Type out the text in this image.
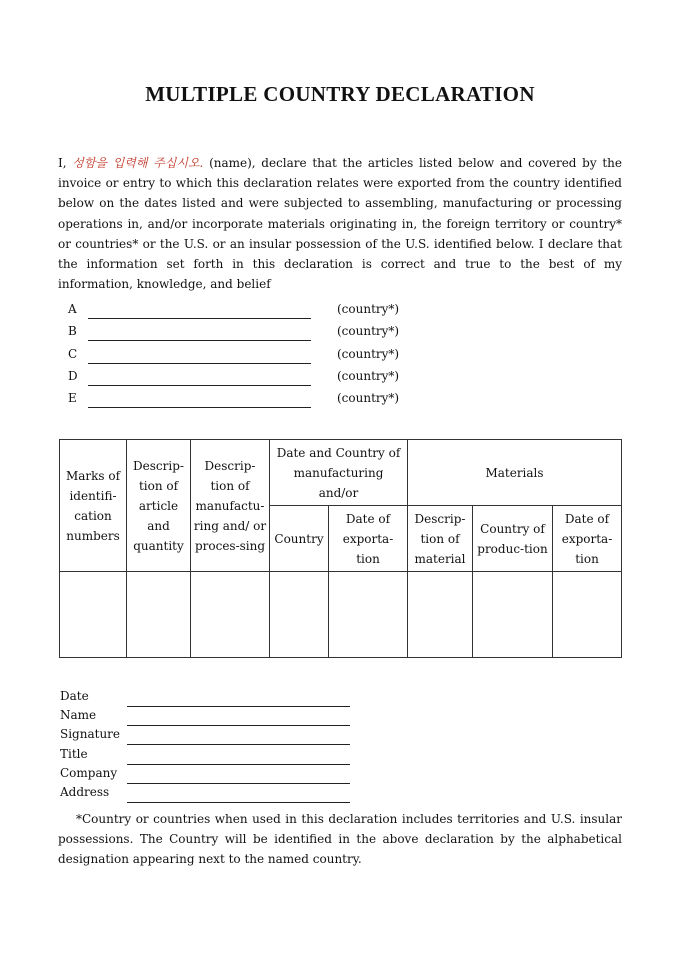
MULTIPLE COUNTRY DECLARATION
I, 성함을 입력해 주십시오. (name), declare that the articles listed below and covered by the invoice or entry to which this declaration relates were exported from the country identified below on the dates listed and were subjected to assembling, manufacturing or processing operations in, and/or incorporate materials originating in, the foreign territory or country* or countries* or the U.S. or an insular possession of the U.S. identified below. I declare that the information set forth in this declaration is correct and true to the best of my information, knowledge, and belief
A	(country*)
B	(country*)
C	(country*)
D	(country*)
E	(country*)
Marks of identifi-cation numbers	Descrip-tion of article and quantity	Descrip-tion of manufactu-ring and/ or proces-sing	Date and Country of manufacturing and/or		Materials		
			Country	Date of exporta-tion	Descrip-tion of material	Country of produc-tion	Date of exporta-tion

Date
Name
Signature
Title
Company
Address
*Country or countries when used in this declaration includes territories and U.S. insular possessions. The Country will be identified in the above declaration by the alphabetical designation appearing next to the named country.
